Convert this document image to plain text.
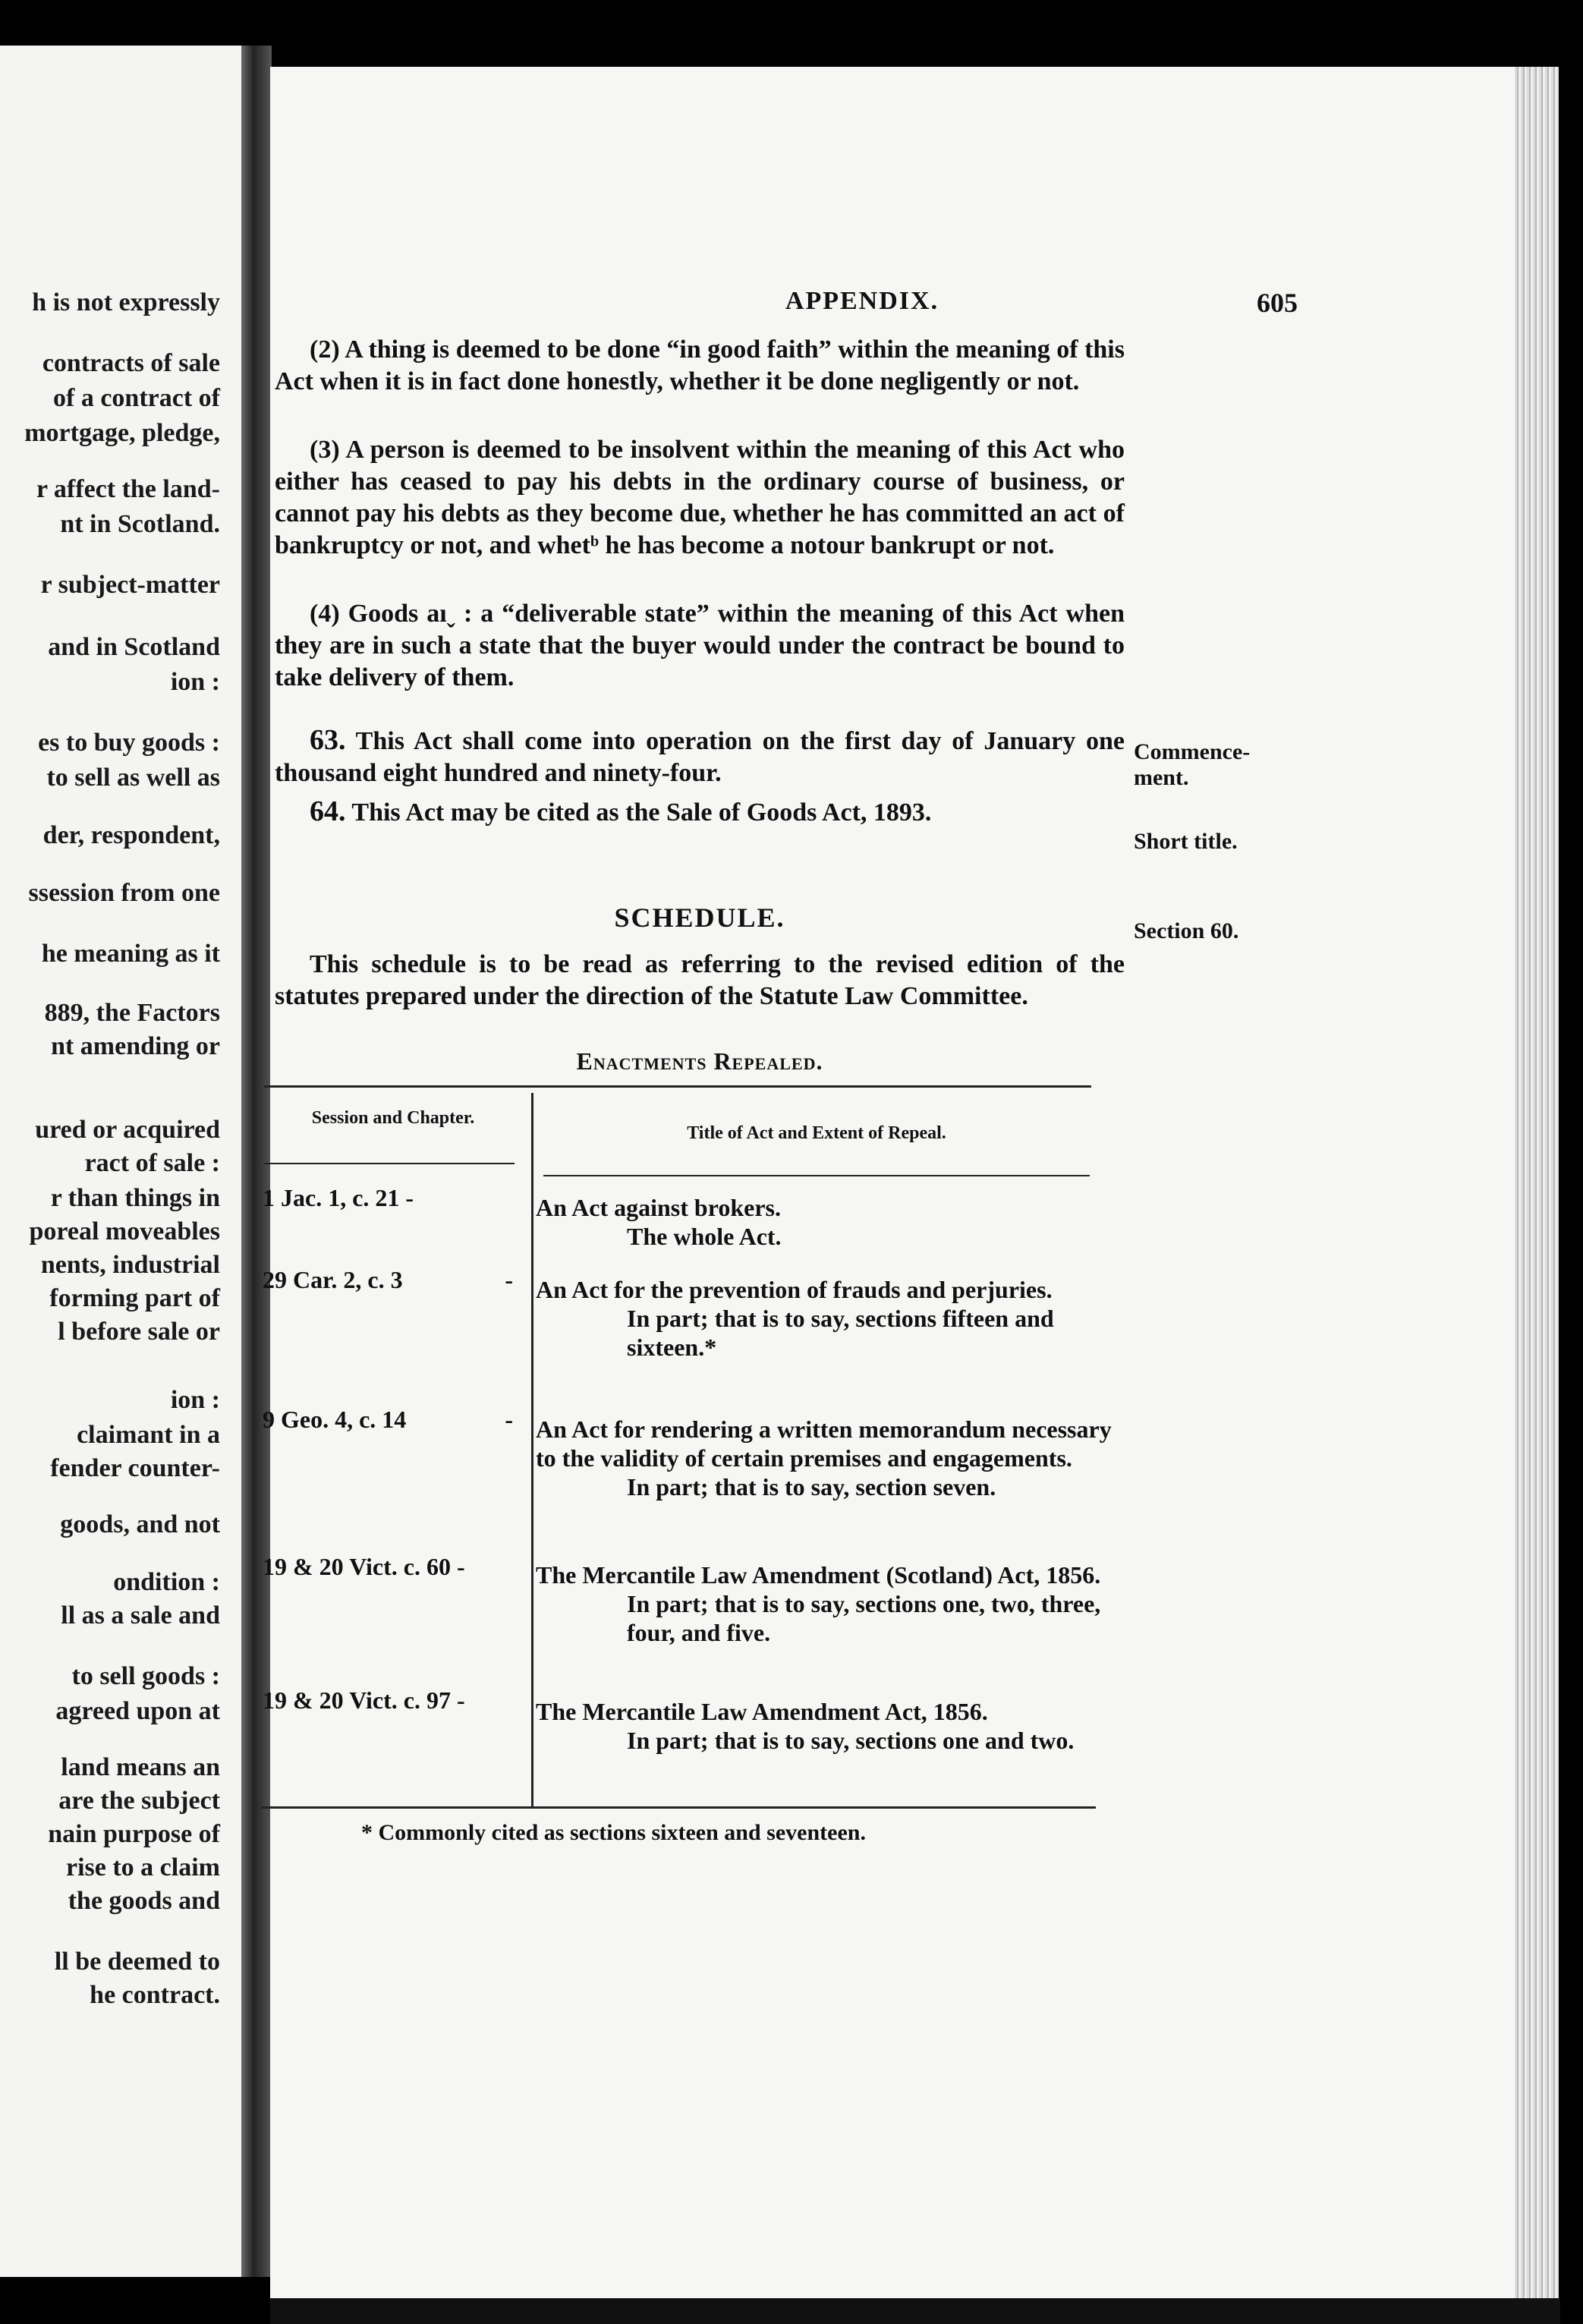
h is not expressly
contracts of sale
of a contract of
mortgage, pledge,
r affect the land-
nt in Scotland.
r subject-matter
and in Scotland
ion :
es to buy goods :
to sell as well as
der, respondent,
ssession from one
he meaning as it
889, the Factors
nt amending or
ured or acquired
ract of sale :
r than things in
poreal moveables
nents, industrial
forming part of
l before sale or
ion :
claimant in a
fender counter-
goods, and not
ondition :
ll as a sale and
to sell goods :
agreed upon at
land means an
are the subject
nain purpose of
rise to a claim
the goods and
ll be deemed to
he contract.
APPENDIX.	605

(2) A thing is deemed to be done “in good faith” within the meaning of this Act when it is in fact done honestly, whether it be done negligently or not.

(3) A person is deemed to be insolvent within the meaning of this Act who either has ceased to pay his debts in the ordinary course of business, or cannot pay his debts as they become due, whether he has committed an act of bankruptcy or not, and whetᵇ he has become a notour bankrupt or not.

(4) Goods aıˬ : a “deliverable state” within the meaning of this Act when they are in such a state that the buyer would under the contract be bound to take delivery of them.

63. This Act shall come into operation on the first day of January one thousand eight hundred and ninety-four.

Commence-ment.

64. This Act may be cited as the Sale of Goods Act, 1893.

Short title.
SCHEDULE.	Section 60.

This schedule is to be read as referring to the revised edition of the statutes prepared under the direction of the Statute Law Committee.

Enactments Repealed.
Session and Chapter.
Title of Act and Extent of Repeal.
1 Jac. 1, c. 21 -	An Act against brokers.
The whole Act.
29 Car. 2, c. 3	- An Act for the prevention of frauds and perjuries.
In part; that is to say, sections fifteen and sixteen.*
9 Geo. 4, c. 14	- An Act for rendering a written memorandum necessary to the validity of certain premises and engagements.
In part; that is to say, section seven.
19 & 20 Vict. c. 60 -	The Mercantile Law Amendment (Scotland) Act, 1856.
In part; that is to say, sections one, two, three, four, and five.
19 & 20 Vict. c. 97 -	The Mercantile Law Amendment Act, 1856.
In part; that is to say, sections one and two.
* Commonly cited as sections sixteen and seventeen.
